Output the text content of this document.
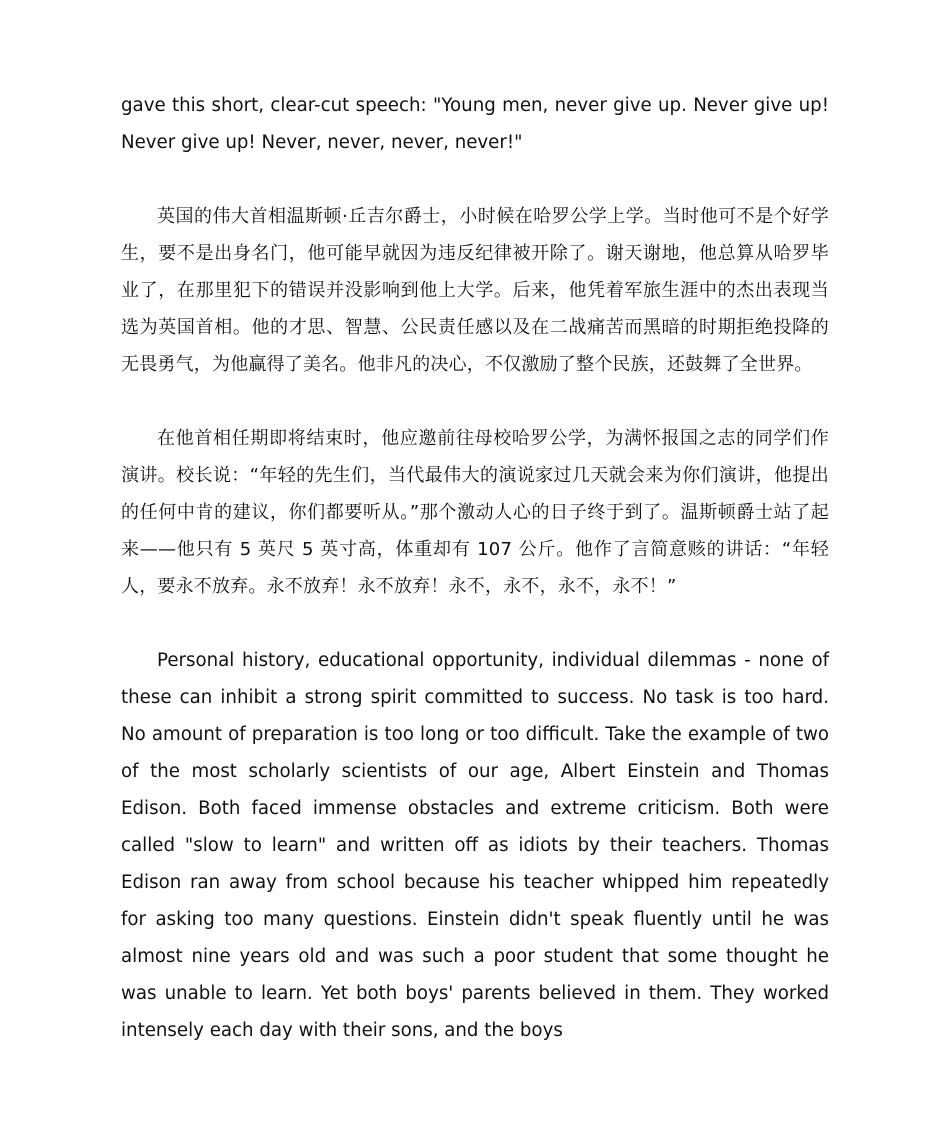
gave this short, clear-cut speech: "Young men, never give up. Never give up! Never give up! Never, never, never, never!"

英国的伟大首相温斯顿·丘吉尔爵士，小时候在哈罗公学上学。当时他可不是个好学生，要不是出身名门，他可能早就因为违反纪律被开除了。谢天谢地，他总算从哈罗毕业了，在那里犯下的错误并没影响到他上大学。后来，他凭着军旅生涯中的杰出表现当选为英国首相。他的才思、智慧、公民责任感以及在二战痛苦而黑暗的时期拒绝投降的无畏勇气，为他赢得了美名。他非凡的决心，不仅激励了整个民族，还鼓舞了全世界。

在他首相任期即将结束时，他应邀前往母校哈罗公学，为满怀报国之志的同学们作演讲。校长说：“年轻的先生们，当代最伟大的演说家过几天就会来为你们演讲，他提出的任何中肯的建议，你们都要听从。”那个激动人心的日子终于到了。温斯顿爵士站了起来——他只有 5 英尺 5 英寸高，体重却有 107 公斤。他作了言简意赅的讲话：“年轻人，要永不放弃。永不放弃！永不放弃！永不，永不，永不，永不！”

Personal history, educational opportunity, individual dilemmas - none of these can inhibit a strong spirit committed to success. No task is too hard. No amount of preparation is too long or too difficult. Take the example of two of the most scholarly scientists of our age, Albert Einstein and Thomas Edison. Both faced immense obstacles and extreme criticism. Both were called "slow to learn" and written off as idiots by their teachers. Thomas Edison ran away from school because his teacher whipped him repeatedly for asking too many questions. Einstein didn't speak fluently until he was almost nine years old and was such a poor student that some thought he was unable to learn. Yet both boys' parents believed in them. They worked intensely each day with their sons, and the boys
